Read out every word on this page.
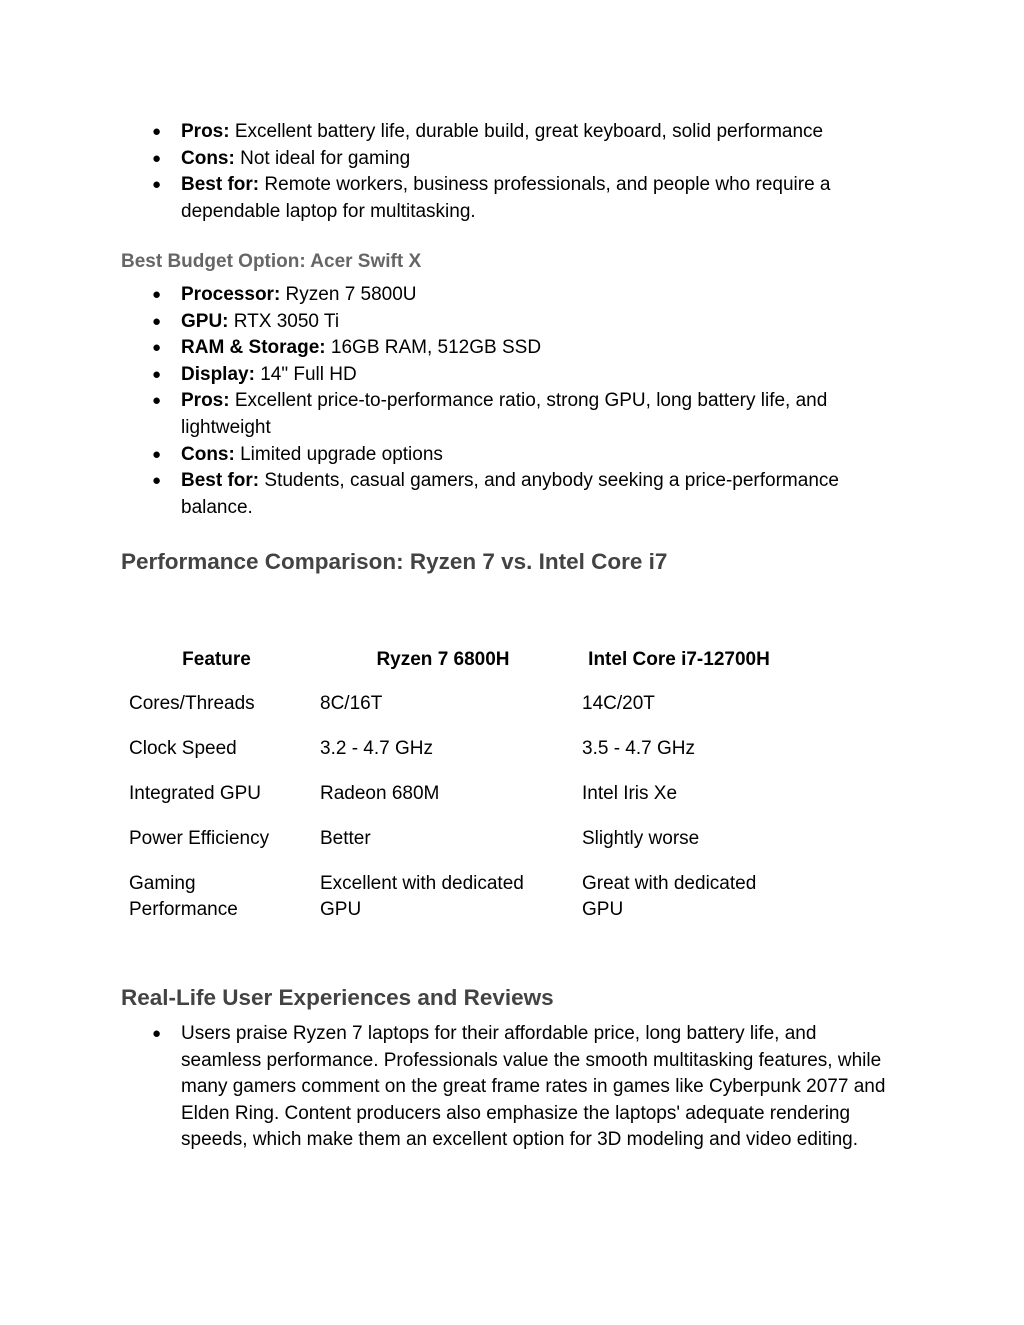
● Pros: Excellent battery life, durable build, great keyboard, solid performance
● Cons: Not ideal for gaming
● Best for: Remote workers, business professionals, and people who require a dependable laptop for multitasking.
Best Budget Option: Acer Swift X
● Processor: Ryzen 7 5800U
● GPU: RTX 3050 Ti
● RAM & Storage: 16GB RAM, 512GB SSD
● Display: 14" Full HD
● Pros: Excellent price-to-performance ratio, strong GPU, long battery life, and lightweight
● Cons: Limited upgrade options
● Best for: Students, casual gamers, and anybody seeking a price-performance balance.
Performance Comparison: Ryzen 7 vs. Intel Core i7
Feature	Ryzen 7 6800H	Intel Core i7-12700H
Cores/Threads	8C/16T	14C/20T
Clock Speed	3.2 - 4.7 GHz	3.5 - 4.7 GHz
Integrated GPU	Radeon 680M	Intel Iris Xe
Power Efficiency	Better	Slightly worse
Gaming Performance	Excellent with dedicated GPU	Great with dedicated GPU
Real-Life User Experiences and Reviews
● Users praise Ryzen 7 laptops for their affordable price, long battery life, and seamless performance. Professionals value the smooth multitasking features, while many gamers comment on the great frame rates in games like Cyberpunk 2077 and Elden Ring. Content producers also emphasize the laptops' adequate rendering speeds, which make them an excellent option for 3D modeling and video editing.
